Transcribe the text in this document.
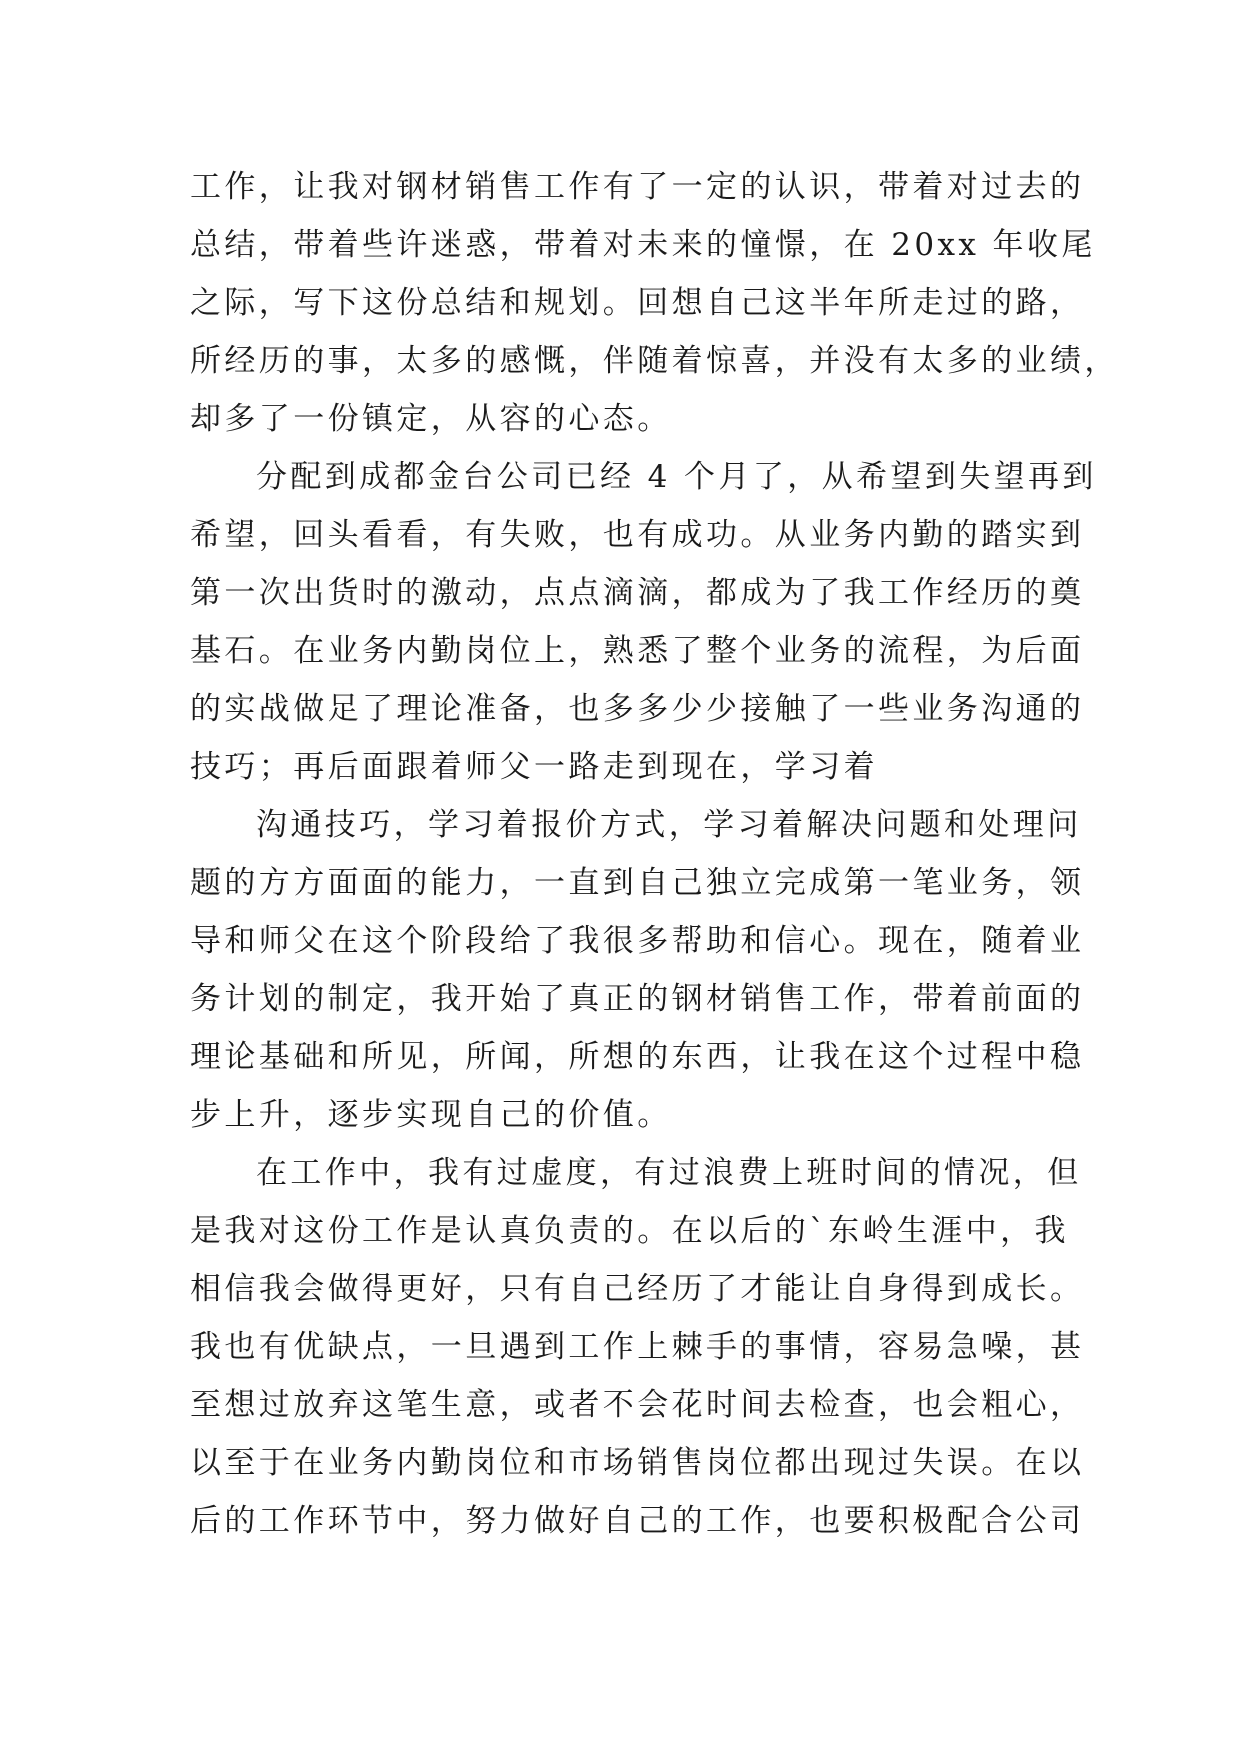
工作，让我对钢材销售工作有了一定的认识，带着对过去的
总结，带着些许迷惑，带着对未来的憧憬，在 20xx 年收尾
之际，写下这份总结和规划。回想自己这半年所走过的路，
所经历的事，太多的感慨，伴随着惊喜，并没有太多的业绩，
却多了一份镇定，从容的心态。
分配到成都金台公司已经 4 个月了，从希望到失望再到
希望，回头看看，有失败，也有成功。从业务内勤的踏实到
第一次出货时的激动，点点滴滴，都成为了我工作经历的奠
基石。在业务内勤岗位上，熟悉了整个业务的流程，为后面
的实战做足了理论准备，也多多少少接触了一些业务沟通的
技巧；再后面跟着师父一路走到现在，学习着
沟通技巧，学习着报价方式，学习着解决问题和处理问
题的方方面面的能力，一直到自己独立完成第一笔业务，领
导和师父在这个阶段给了我很多帮助和信心。现在，随着业
务计划的制定，我开始了真正的钢材销售工作，带着前面的
理论基础和所见，所闻，所想的东西，让我在这个过程中稳
步上升，逐步实现自己的价值。
在工作中，我有过虚度，有过浪费上班时间的情况，但
是我对这份工作是认真负责的。在以后的`东岭生涯中，我
相信我会做得更好，只有自己经历了才能让自身得到成长。
我也有优缺点，一旦遇到工作上棘手的事情，容易急噪，甚
至想过放弃这笔生意，或者不会花时间去检查，也会粗心，
以至于在业务内勤岗位和市场销售岗位都出现过失误。在以
后的工作环节中，努力做好自己的工作，也要积极配合公司
